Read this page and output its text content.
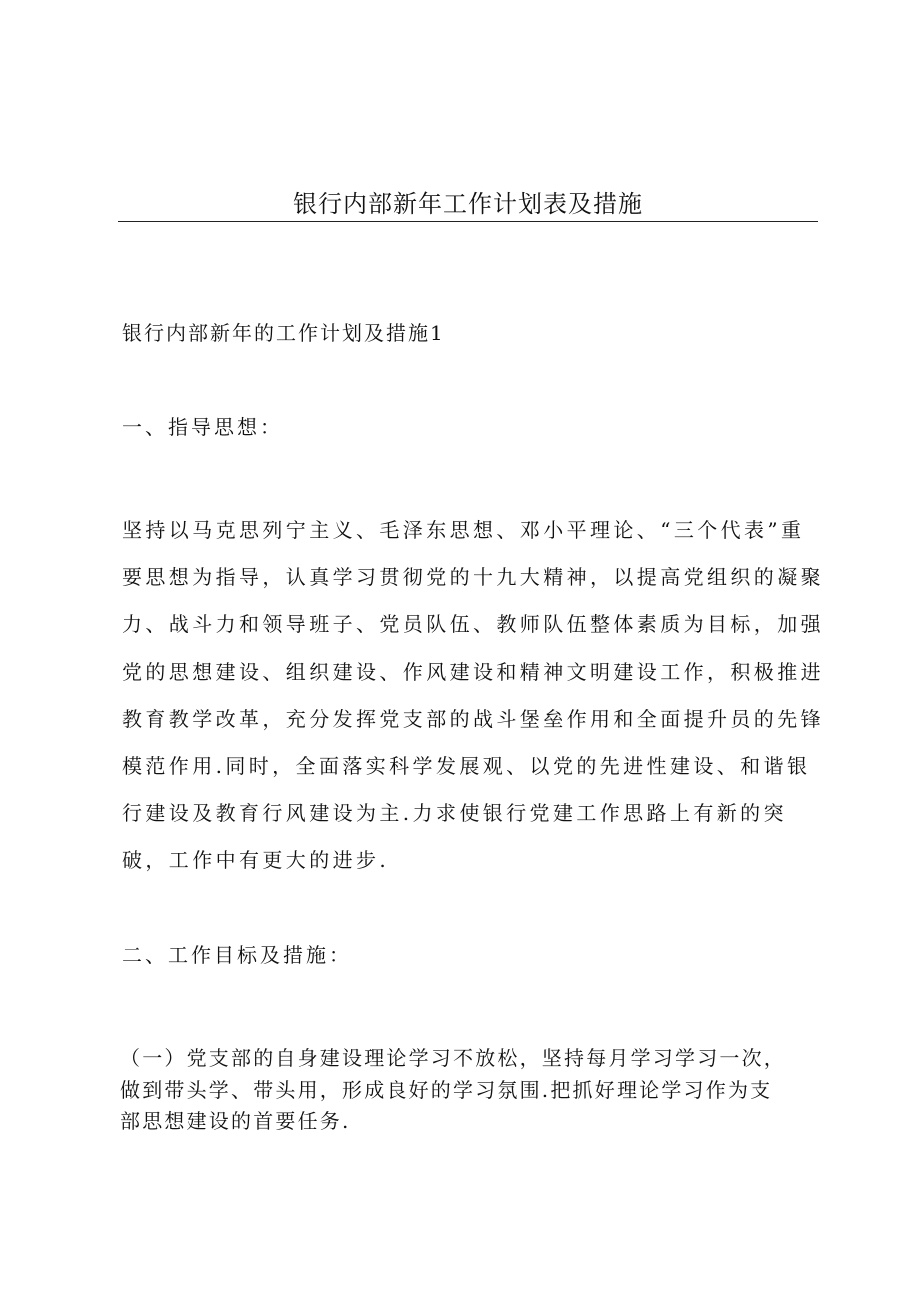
银行内部新年工作计划表及措施

银行内部新年的工作计划及措施1

一、指导思想：

坚持以马克思列宁主义、毛泽东思想、邓小平理论、“三个代表”重
要思想为指导，认真学习贯彻党的十九大精神，以提高党组织的凝聚
力、战斗力和领导班子、党员队伍、教师队伍整体素质为目标，加强
党的思想建设、组织建设、作风建设和精神文明建设工作，积极推进
教育教学改革，充分发挥党支部的战斗堡垒作用和全面提升员的先锋
模范作用.同时，全面落实科学发展观、以党的先进性建设、和谐银
行建设及教育行风建设为主.力求使银行党建工作思路上有新的突
破，工作中有更大的进步.

二、工作目标及措施：

（一）党支部的自身建设理论学习不放松，坚持每月学习学习一次，
做到带头学、带头用，形成良好的学习氛围.把抓好理论学习作为支
部思想建设的首要任务.
